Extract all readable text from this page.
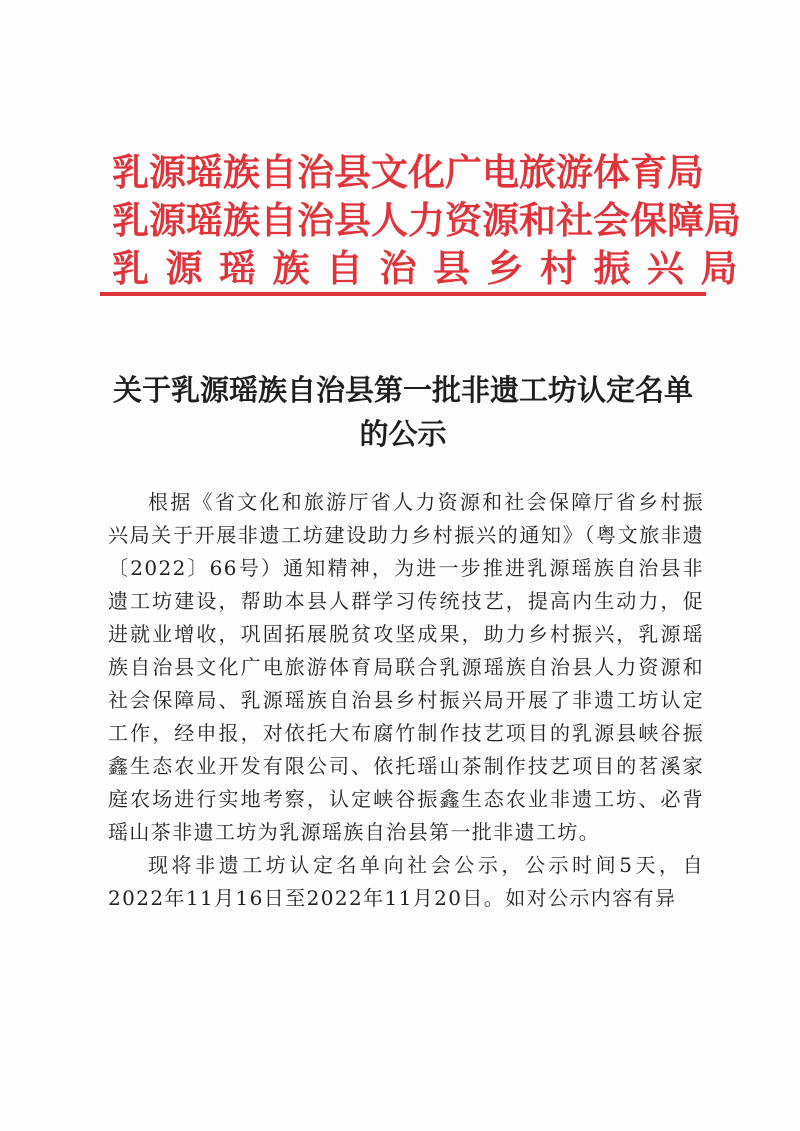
乳源瑶族自治县文化广电旅游体育局
乳源瑶族自治县人力资源和社会保障局
乳源瑶族自治县乡村振兴局
关于乳源瑶族自治县第一批非遗工坊认定名单的公示

根据《省文化和旅游厅省人力资源和社会保障厅省乡村振兴局关于开展非遗工坊建设助力乡村振兴的通知》（粤文旅非遗〔2022〕66号）通知精神，为进一步推进乳源瑶族自治县非遗工坊建设，帮助本县人群学习传统技艺，提高内生动力，促进就业增收，巩固拓展脱贫攻坚成果，助力乡村振兴，乳源瑶族自治县文化广电旅游体育局联合乳源瑶族自治县人力资源和社会保障局、乳源瑶族自治县乡村振兴局开展了非遗工坊认定工作，经申报，对依托大布腐竹制作技艺项目的乳源县峡谷振鑫生态农业开发有限公司、依托瑶山茶制作技艺项目的茗溪家庭农场进行实地考察，认定峡谷振鑫生态农业非遗工坊、必背瑶山茶非遗工坊为乳源瑶族自治县第一批非遗工坊。

现将非遗工坊认定名单向社会公示，公示时间5天，自2022年11月16日至2022年11月20日。如对公示内容有异
